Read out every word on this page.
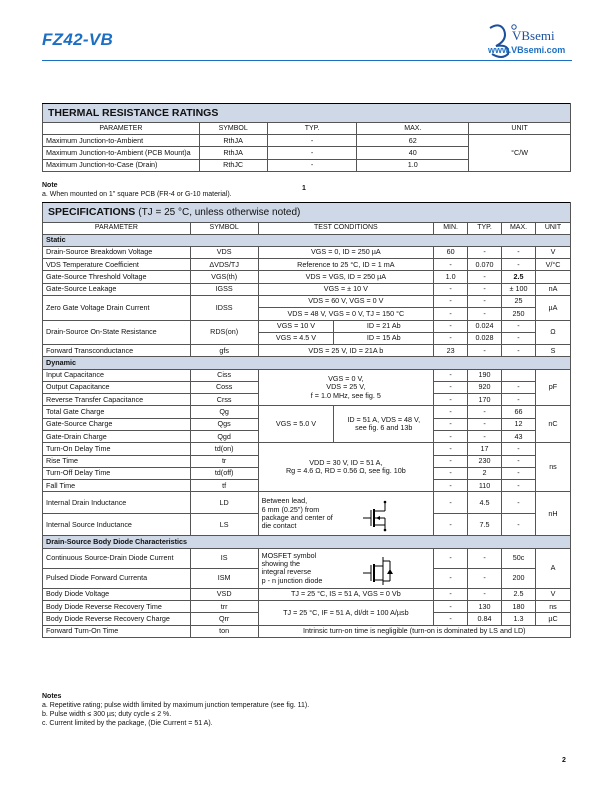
FZ42-VB	VBsemi
www.VBsemi.com
THERMAL RESISTANCE RATINGS				
PARAMETER	SYMBOL	TYP.	MAX.	UNIT
Maximum Junction-to-Ambient	RthJA	-	62	°C/W
Maximum Junction-to-Ambient (PCB Mount)a	RthJA	-	40	
Maximum Junction-to-Case (Drain)	RthJC	-	1.0	
Note
a. When mounted on 1" square PCB (FR-4 or G-10 material).
1
SPECIFICATIONS (TJ = 25 °C, unless otherwise noted)							
PARAMETER	SYMBOL	TEST CONDITIONS		MIN.	TYP.	MAX.	UNIT
Static							
Drain-Source Breakdown Voltage	VDS	VGS = 0, ID = 250 µA		60	-	-	V
VDS Temperature Coefficient	ΔVDS/TJ	Reference to 25 °C, ID = 1 mA		-	0.070	-	V/°C
Gate-Source Threshold Voltage	VGS(th)	VDS = VGS, ID = 250 µA		1.0	-	2.5	
Gate-Source Leakage	IGSS	VGS = ± 10 V		-	-	± 100	nA
Zero Gate Voltage Drain Current	IDSS	VDS = 60 V, VGS = 0 V		-	-	25	µA
		VDS = 48 V, VGS = 0 V, TJ = 150 °C		-	-	250	
Drain-Source On-State Resistance	RDS(on)	VGS = 10 V	ID = 21 Ab	-	0.024	-	Ω
		VGS = 4.5 V	ID = 15 Ab	-	0.028	-	
Forward Transconductance	gfs	VDS = 25 V, ID = 21A b		23	-	-	S
Dynamic							
Input Capacitance	Ciss	VGS = 0 V,
VDS = 25 V,
f = 1.0 MHz, see fig. 5		-	190		pF
Output Capacitance	Coss			-	920	-	
Reverse Transfer Capacitance	Crss			-	170	-	
Total Gate Charge	Qg	VGS = 5.0 V	ID = 51 A, VDS = 48 V,
see fig. 6 and 13b	-	-	66	nC
Gate-Source Charge	Qgs			-	-	12	
Gate-Drain Charge	Qgd			-	-	43	
Turn-On Delay Time	td(on)	VDD = 30 V, ID = 51 A,
Rg = 4.6 Ω, RD = 0.56 Ω, see fig. 10b		-	17	-	ns
Rise Time	tr			-	230	-	
Turn-Off Delay Time	td(off)			-	2	-	
Fall Time	tf			-	110	-	
Internal Drain Inductance	LD	Between lead,
6 mm (0.25") from
package and center of
die contact		-	4.5	-	nH
Internal Source Inductance	LS			-	7.5	-	
Drain-Source Body Diode Characteristics							
Continuous Source-Drain Diode Current	IS	MOSFET symbol
showing the
integral reverse
p - n junction diode		-	-	50c	A
Pulsed Diode Forward Currenta	ISM			-	-	200	
Body Diode Voltage	VSD	TJ = 25 °C, IS = 51 A, VGS = 0 Vb		-	-	2.5	V
Body Diode Reverse Recovery Time	trr	TJ = 25 °C, IF = 51 A, dI/dt = 100 A/µsb		-	130	180	ns
Body Diode Reverse Recovery Charge	Qrr			-	0.84	1.3	µC
Forward Turn-On Time	ton	Intrinsic turn-on time is negligible (turn-on is dominated by LS and LD)					
Notes
a. Repetitive rating; pulse width limited by maximum junction temperature (see fig. 11).
b. Pulse width ≤ 300 µs; duty cycle ≤ 2 %.
c. Current limited by the package, (Die Current = 51 A).
2
